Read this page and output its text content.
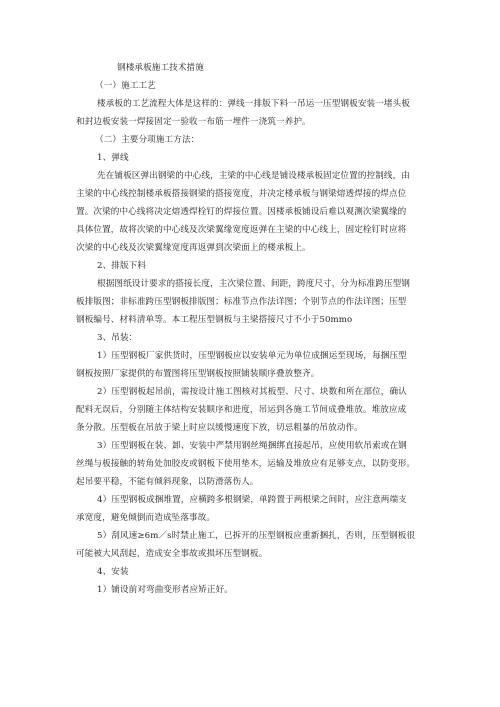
钢楼承板施工技术措施
（一）施工工艺
楼承板的工艺流程大体是这样的：弹线一排版下料一吊运一压型钢板安装一堵头板
和封边板安装一焊接固定一验收一布筋一埋件一浇筑一养护。
（二）主要分项施工方法：
1、弹线
先在铺板区弹出钢梁的中心线，主梁的中心线是铺设楼承板固定位置的控制线，由
主梁的中心线控制楼承板搭接钢梁的搭接宽度，并决定楼承板与钢梁熔透焊接的焊点位
置。次梁的中心线将决定熔透焊栓钉的焊接位置。因楼承板铺设后难以观测次梁翼缘的
具体位置，故将次梁的中心线及次梁翼缘宽度返弹在主梁的中心线上，固定栓钉时应将
次梁的中心线及次梁翼缘宽度再返弹到次梁面上的楼承板上。
2、排版下料
根据图纸设计要求的搭接长度，主次梁位置、间距，跨度尺寸，分为标准跨压型钢
板排版图；非标准跨压型钢板排版图；标准节点作法详图；个别节点的作法详图；压型
钢板编号、材料清单等。本工程压型钢板与主梁搭接尺寸不小于50mmo
3、吊装：
1）压型钢板厂家供货时，压型钢板应以安装单元为单位成捆运至现场，每捆压型
钢板按照厂家提供的布置图将压型钢板按照铺装顺序叠放整齐。
2）压型钢板起吊前，需按设计施工图核对其板型、尺寸、块数和所在部位，确认
配料无误后，分别随主体结构安装顺序和进度，吊运到各施工节间成叠堆放。堆放应成
条分散。压型板在吊放于梁上时应以缓慢速度下放，切忌粗暴的吊放动作。
3）压型钢板在装、卸、安装中严禁用钢丝绳捆绑直接起吊，应使用软吊索或在钢
丝绳与板接触的转角处加胶皮或钢板下使用垫木，运输及堆放应有足够支点，以防变形。
起吊要平稳，不能有倾斜现象，以防滑落伤人。
4）压型钢板成捆堆置，应横跨多根钢梁，单跨置于两根梁之间时，应注意两端支
承宽度，避免倾倒而造成坠落事故。
5）刮风速≥6m／s时禁止施工，已拆开的压型钢板应重新捆扎，否则，压型钢板很
可能被大风刮起，造成安全事故或损坏压型钢板。
4、安装
1）铺设前对弯曲变形者应矫正好。
